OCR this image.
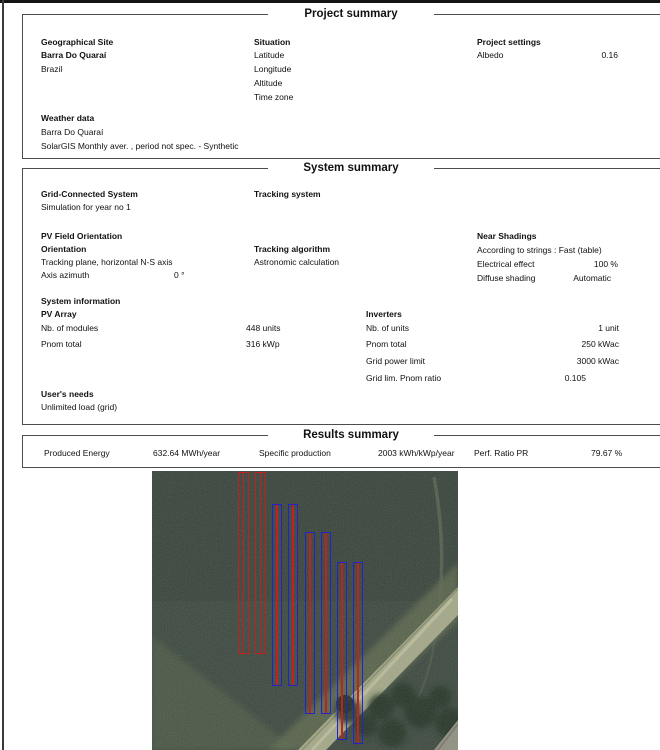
Project summary
Geographical Site
Barra Do Quaraí
Brazil
Situation
Latitude
Longitude
Altitude
Time zone
Project settings
Albedo	0.16
Weather data
Barra Do Quaraí
SolarGIS Monthly aver. , period not spec. - Synthetic
System summary
Grid-Connected System
Simulation for year no 1
Tracking system
PV Field Orientation
Orientation
Tracking plane, horizontal N-S axis
Axis azimuth	0 °
Tracking algorithm
Astronomic calculation
Near Shadings
According to strings : Fast (table)
Electrical effect	100 %
Diffuse shading	Automatic
System information
PV Array
Nb. of modules	448 units
Pnom total	316 kWp
Inverters
Nb. of units	1 unit
Pnom total	250 kWac
Grid power limit	3000 kWac
Grid lim. Pnom ratio	0.105
User's needs
Unlimited load (grid)
Results summary
Produced Energy	632.64 MWh/year	Specific production	2003 kWh/kWp/year Perf. Ratio PR	79.67 %
